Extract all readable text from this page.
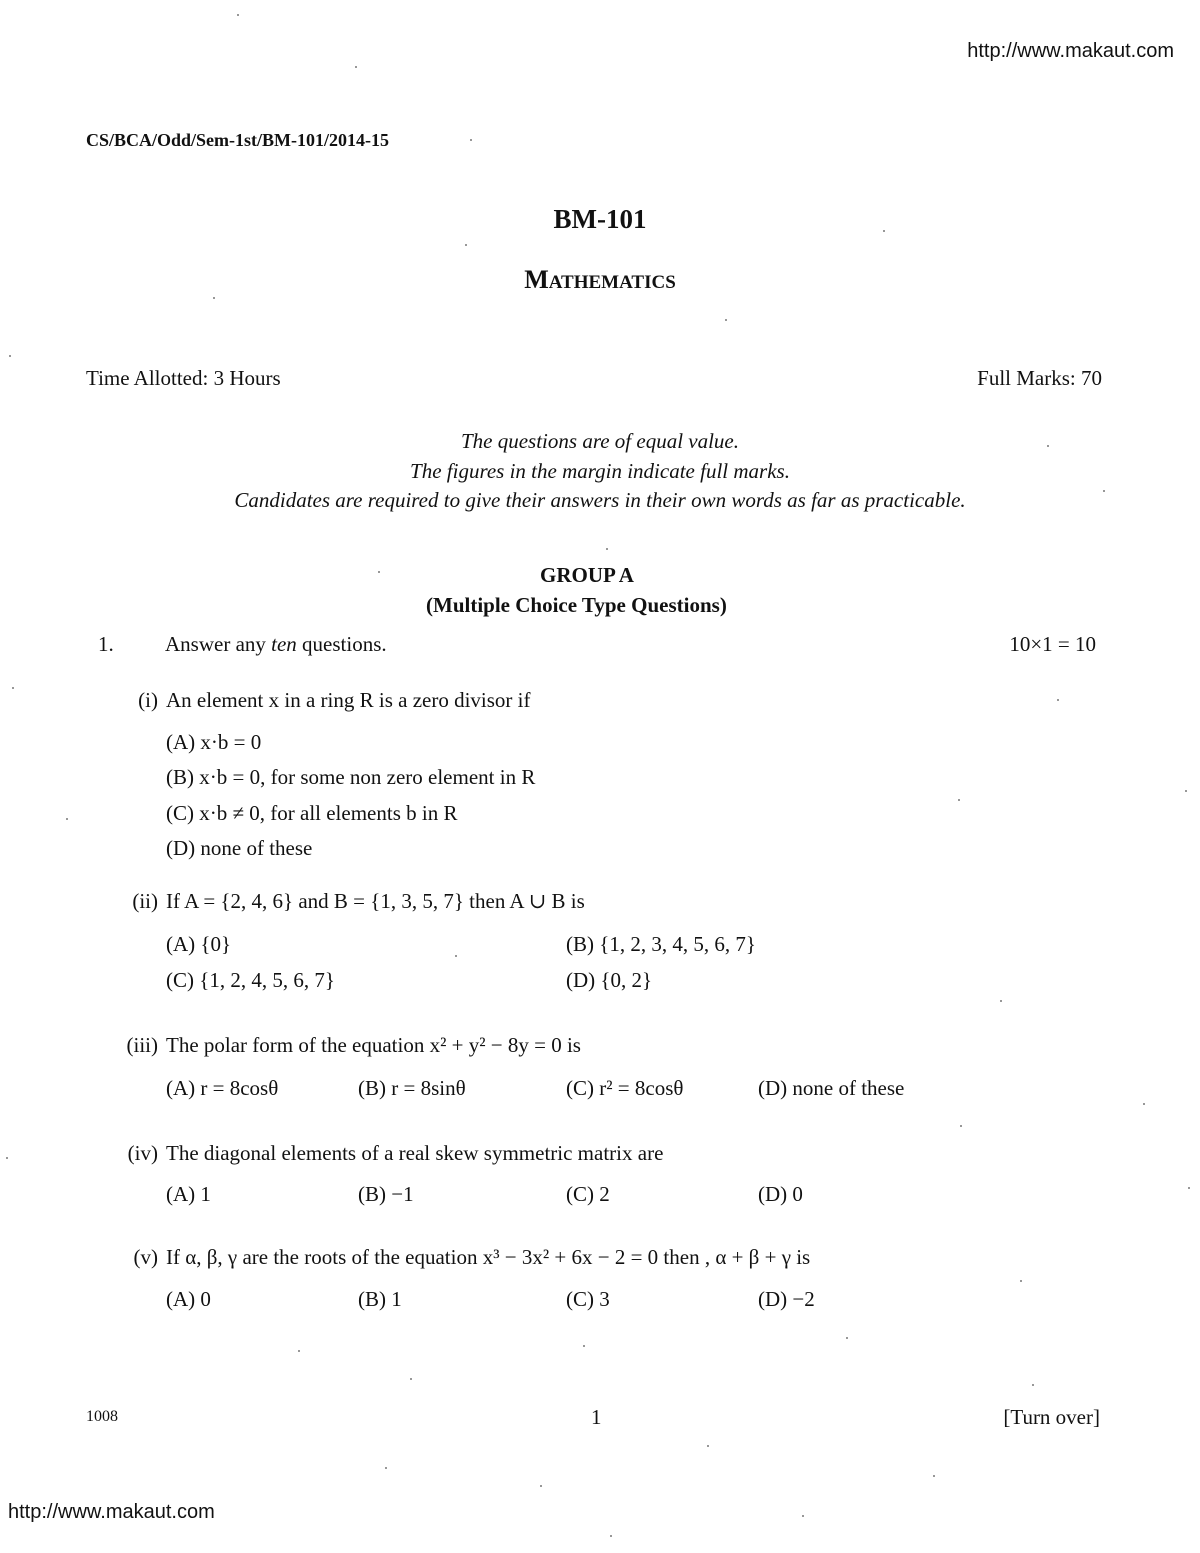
http://www.makaut.com
CS/BCA/Odd/Sem-1st/BM-101/2014-15
BM-101
MATHEMATICS
Time Allotted: 3 Hours	Full Marks: 70
The questions are of equal value.
The figures in the margin indicate full marks.
Candidates are required to give their answers in their own words as far as practicable.
GROUP A
(Multiple Choice Type Questions)
1. Answer any ten questions.	10×1 = 10
(i) An element x in a ring R is a zero divisor if
(A) x·b = 0
(B) x·b = 0, for some non zero element in R
(C) x·b ≠ 0, for all elements b in R
(D) none of these
(ii) If A = {2, 4, 6} and B = {1, 3, 5, 7} then A ∪ B is
(A) {0}	(B) {1, 2, 3, 4, 5, 6, 7}
(C) {1, 2, 4, 5, 6, 7}	(D) {0, 2}
(iii) The polar form of the equation x² + y² − 8y = 0 is
(A) r = 8cosθ	(B) r = 8sinθ	(C) r² = 8cosθ	(D) none of these
(iv) The diagonal elements of a real skew symmetric matrix are
(A) 1	(B) −1	(C) 2	(D) 0
(v) If α, β, γ are the roots of the equation x³ − 3x² + 6x − 2 = 0 then , α + β + γ is
(A) 0	(B) 1	(C) 3	(D) −2
1008	1	[Turn over]
http://www.makaut.com
